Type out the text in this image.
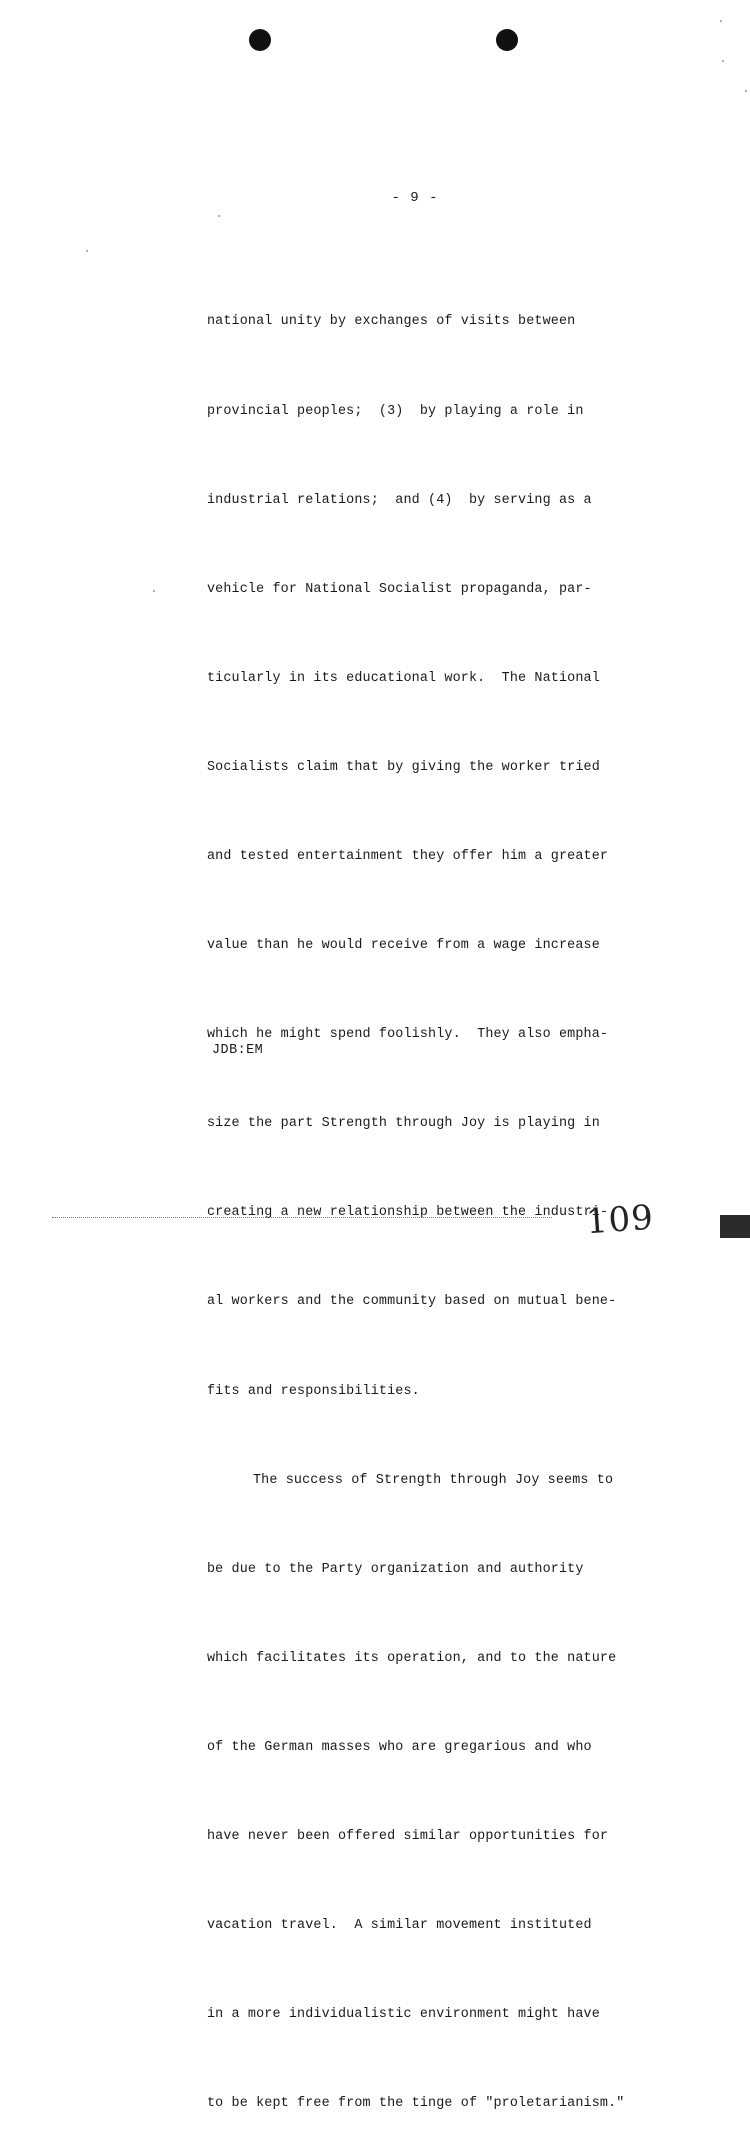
- 9 -

national unity by exchanges of visits between

provincial peoples;  (3)  by playing a role in

industrial relations;  and (4)  by serving as a

vehicle for National Socialist propaganda, par-

ticularly in its educational work.  The National

Socialists claim that by giving the worker tried

and tested entertainment they offer him a greater

value than he would receive from a wage increase

which he might spend foolishly.  They also empha-

size the part Strength through Joy is playing in

creating a new relationship between the industri-

al workers and the community based on mutual bene-

fits and responsibilities.

The success of Strength through Joy seems to

be due to the Party organization and authority

which facilitates its operation, and to the nature

of the German masses who are gregarious and who

have never been offered similar opportunities for

vacation travel.  A similar movement instituted

in a more individualistic environment might have

to be kept free from the tinge of "proletarianism."

JDB:EM
109
